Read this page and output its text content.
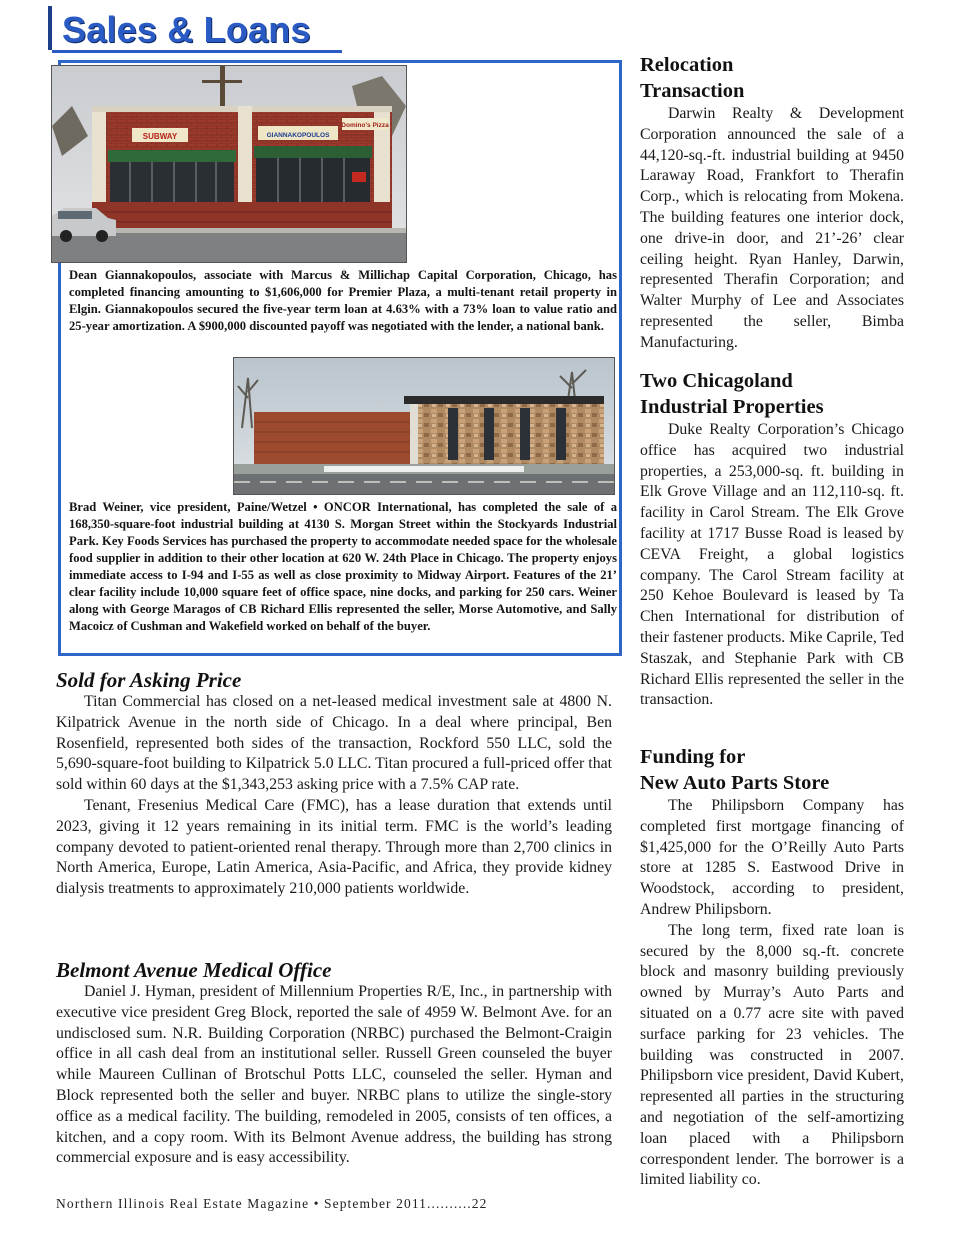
Sales & Loans
SUBWAY	GIANNAKOPOULOS
Domino's Pizza

Dean Giannakopoulos, associate with Marcus & Millichap Capital Corporation, Chicago, has completed financing amounting to $1,606,000 for Premier Plaza, a multi-tenant retail property in Elgin. Giannakopoulos secured the five-year term loan at 4.63% with a 73% loan to value ratio and 25-year amortization. A $900,000 discounted payoff was negotiated with the lender, a national bank.

Brad Weiner, vice president, Paine/Wetzel • ONCOR International, has completed the sale of a 168,350-square-foot industrial building at 4130 S. Morgan Street within the Stockyards Industrial Park. Key Foods Services has purchased the property to accommodate needed space for the wholesale food supplier in addition to their other location at 620 W. 24th Place in Chicago. The property enjoys immediate access to I-94 and I-55 as well as close proximity to Midway Airport. Features of the 21’ clear facility include 10,000 square feet of office space, nine docks, and parking for 250 cars. Weiner along with George Maragos of CB Richard Ellis represented the seller, Morse Automotive, and Sally Macoicz of Cushman and Wakefield worked on behalf of the buyer.

Sold for Asking Price

Titan Commercial has closed on a net-leased medical investment sale at 4800 N. Kilpatrick Avenue in the north side of Chicago. In a deal where principal, Ben Rosenfield, represented both sides of the transaction, Rockford 550 LLC, sold the 5,690-square-foot building to Kilpatrick 5.0 LLC. Titan procured a full-priced offer that sold within 60 days at the $1,343,253 asking price with a 7.5% CAP rate.

Tenant, Fresenius Medical Care (FMC), has a lease duration that extends until 2023, giving it 12 years remaining in its initial term. FMC is the world’s leading company devoted to patient-oriented renal therapy. Through more than 2,700 clinics in North America, Europe, Latin America, Asia-Pacific, and Africa, they provide kidney dialysis treatments to approximately 210,000 patients worldwide.

Belmont Avenue Medical Office

Daniel J. Hyman, president of Millennium Properties R/E, Inc., in partnership with executive vice president Greg Block, reported the sale of 4959 W. Belmont Ave. for an undisclosed sum. N.R. Building Corporation (NRBC) purchased the Belmont-Craigin office in all cash deal from an institutional seller. Russell Green counseled the buyer while Maureen Cullinan of Brotschul Potts LLC, counseled the seller. Hyman and Block represented both the seller and buyer. NRBC plans to utilize the single-story office as a medical facility. The building, remodeled in 2005, consists of ten offices, a kitchen, and a copy room. With its Belmont Avenue address, the building has strong commercial exposure and is easy accessibility.

Relocation
Transaction

Darwin Realty & Development Corporation announced the sale of a 44,120-sq.-ft. industrial building at 9450 Laraway Road, Frankfort to Therafin Corp., which is relocating from Mokena. The building features one interior dock, one drive-in door, and 21’-26’ clear ceiling height. Ryan Hanley, Darwin, represented Therafin Corporation; and Walter Murphy of Lee and Associates represented the seller, Bimba Manufacturing.

Two Chicagoland
Industrial Properties

Duke Realty Corporation’s Chicago office has acquired two industrial properties, a 253,000-sq. ft. building in Elk Grove Village and an 112,110-sq. ft. facility in Carol Stream. The Elk Grove facility at 1717 Busse Road is leased by CEVA Freight, a global logistics company. The Carol Stream facility at 250 Kehoe Boulevard is leased by Ta Chen International for distribution of their fastener products. Mike Caprile, Ted Staszak, and Stephanie Park with CB Richard Ellis represented the seller in the transaction.

Funding for
New Auto Parts Store

The Philipsborn Company has completed first mortgage financing of $1,425,000 for the O’Reilly Auto Parts store at 1285 S. Eastwood Drive in Woodstock, according to president, Andrew Philipsborn.

The long term, fixed rate loan is secured by the 8,000 sq.-ft. concrete block and masonry building previously owned by Murray’s Auto Parts and situated on a 0.77 acre site with paved surface parking for 23 vehicles. The building was constructed in 2007. Philipsborn vice president, David Kubert, represented all parties in the structuring and negotiation of the self-amortizing loan placed with a Philipsborn correspondent lender. The borrower is a limited liability co.

Northern Illinois Real Estate Magazine • September 2011..........22
